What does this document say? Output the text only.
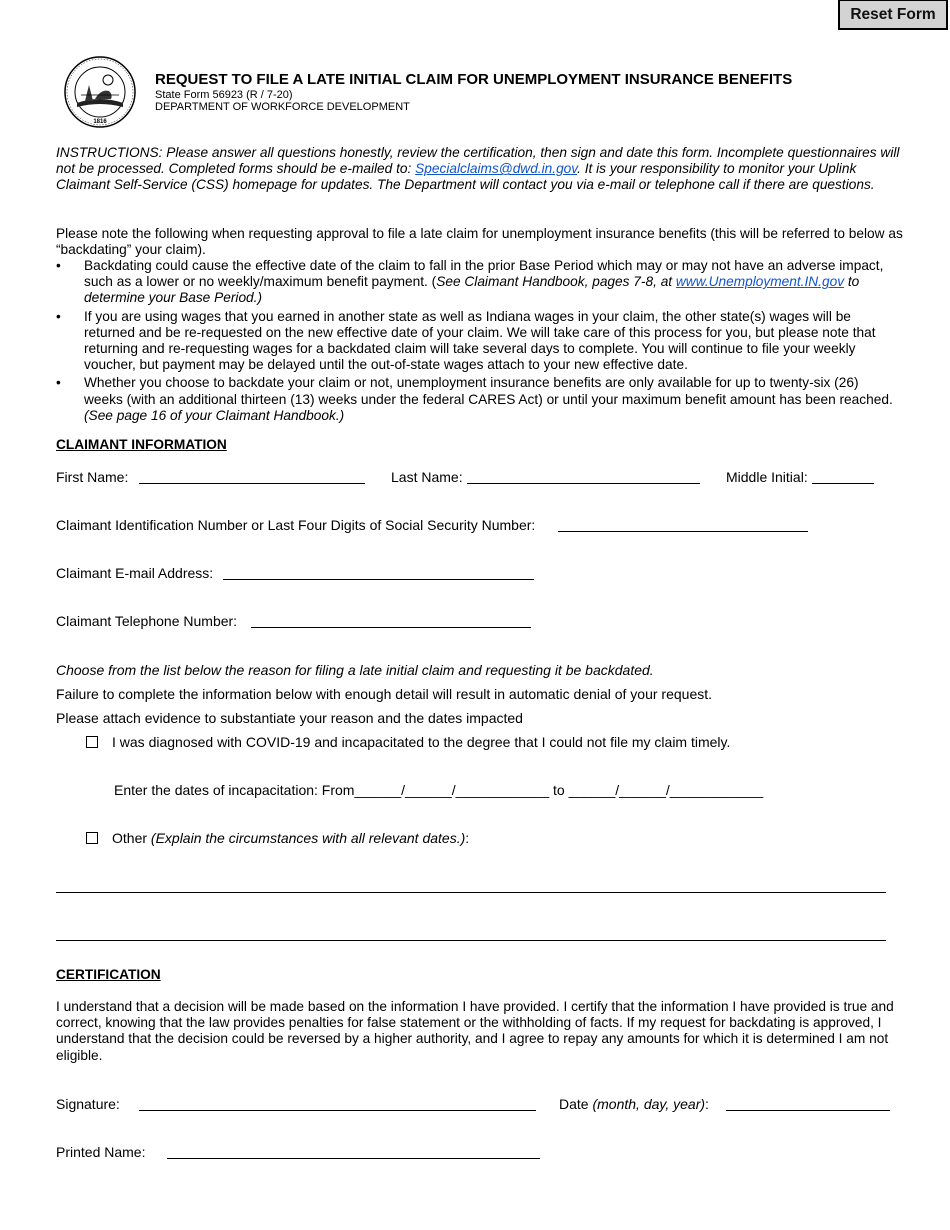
Reset Form
1816
REQUEST TO FILE A LATE INITIAL CLAIM FOR UNEMPLOYMENT INSURANCE BENEFITS
State Form 56923 (R / 7-20)
DEPARTMENT OF WORKFORCE DEVELOPMENT
INSTRUCTIONS: Please answer all questions honestly, review the certification, then sign and date this form. Incomplete questionnaires will not be processed. Completed forms should be e-mailed to: Specialclaims@dwd.in.gov. It is your responsibility to monitor your Uplink Claimant Self-Service (CSS) homepage for updates. The Department will contact you via e-mail or telephone call if there are questions.
Please note the following when requesting approval to file a late claim for unemployment insurance benefits (this will be referred to below as “backdating” your claim).
• Backdating could cause the effective date of the claim to fall in the prior Base Period which may or may not have an adverse impact, such as a lower or no weekly/maximum benefit payment. (See Claimant Handbook, pages 7-8, at www.Unemployment.IN.gov to determine your Base Period.)
• If you are using wages that you earned in another state as well as Indiana wages in your claim, the other state(s) wages will be returned and be re-requested on the new effective date of your claim. We will take care of this process for you, but please note that returning and re-requesting wages for a backdated claim will take several days to complete. You will continue to file your weekly voucher, but payment may be delayed until the out-of-state wages attach to your new effective date.
• Whether you choose to backdate your claim or not, unemployment insurance benefits are only available for up to twenty-six (26) weeks (with an additional thirteen (13) weeks under the federal CARES Act) or until your maximum benefit amount has been reached. (See page 16 of your Claimant Handbook.)
CLAIMANT INFORMATION
First Name:	Last Name:	Middle Initial:
Claimant Identification Number or Last Four Digits of Social Security Number:
Claimant E-mail Address:
Claimant Telephone Number:
Choose from the list below the reason for filing a late initial claim and requesting it be backdated.
Failure to complete the information below with enough detail will result in automatic denial of your request.
Please attach evidence to substantiate your reason and the dates impacted
I was diagnosed with COVID-19 and incapacitated to the degree that I could not file my claim timely.
Enter the dates of incapacitation: From______/______/____________ to ______/______/____________
Other (Explain the circumstances with all relevant dates.):
CERTIFICATION
I understand that a decision will be made based on the information I have provided. I certify that the information I have provided is true and correct, knowing that the law provides penalties for false statement or the withholding of facts. If my request for backdating is approved, I understand that the decision could be reversed by a higher authority, and I agree to repay any amounts for which it is determined I am not eligible.
Signature:	Date (month, day, year):
Printed Name:
